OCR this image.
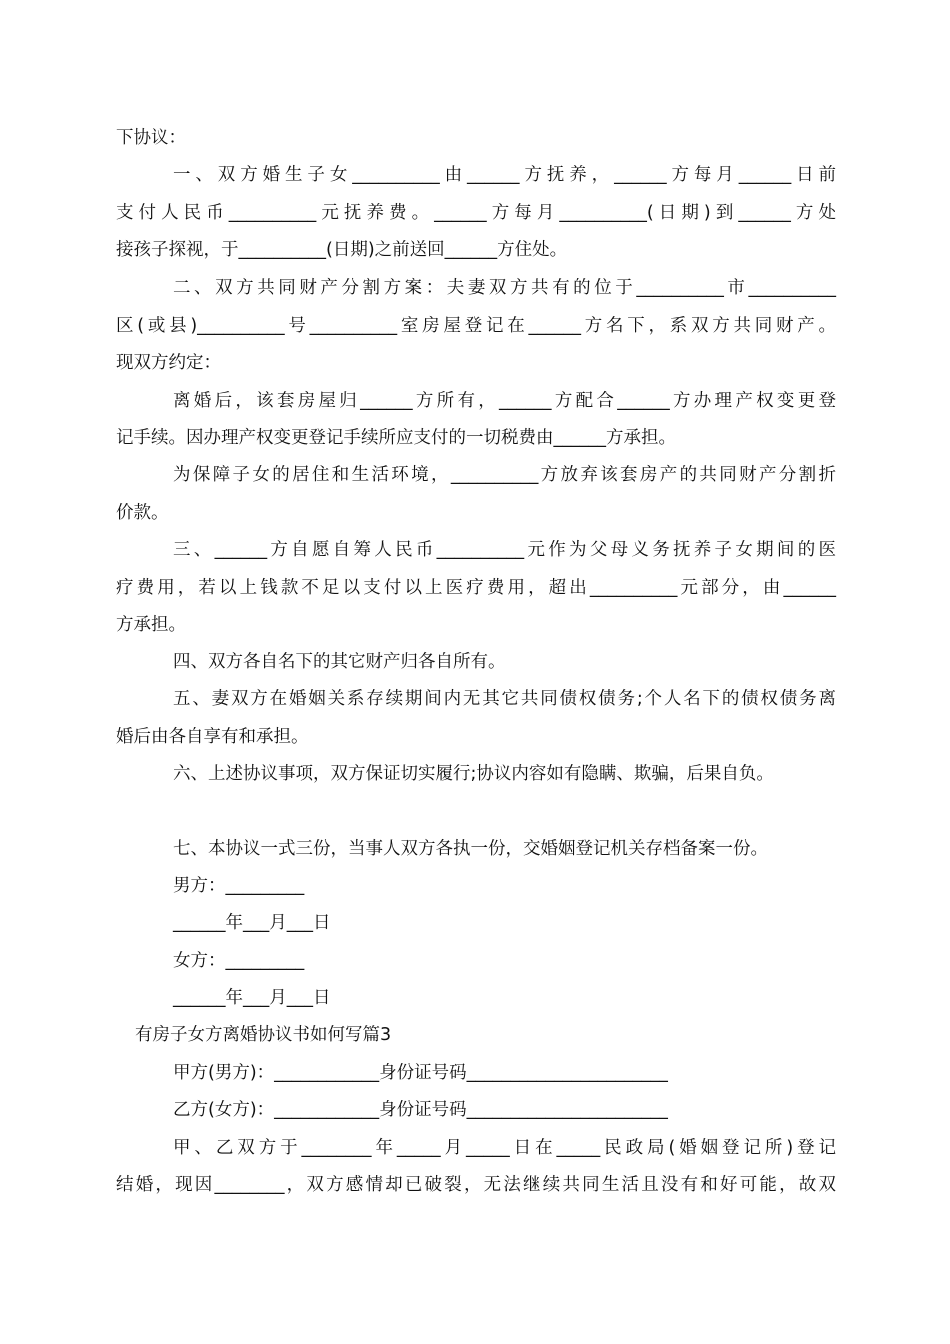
下协议：
一、双方婚生子女__________由______方抚养，______方每月______日前
支付人民币__________元抚养费。______方每月__________(日期)到______方处
接孩子探视，于__________(日期)之前送回______方住处。
二、双方共同财产分割方案：夫妻双方共有的位于__________市__________
区(或县)__________号__________室房屋登记在______方名下，系双方共同财产。
现双方约定：
离婚后，该套房屋归______方所有，______方配合______方办理产权变更登
记手续。因办理产权变更登记手续所应支付的一切税费由______方承担。
为保障子女的居住和生活环境，__________方放弃该套房产的共同财产分割折
价款。
三、______方自愿自筹人民币__________元作为父母义务抚养子女期间的医
疗费用，若以上钱款不足以支付以上医疗费用，超出__________元部分，由______
方承担。
四、双方各自名下的其它财产归各自所有。
五、妻双方在婚姻关系存续期间内无其它共同债权债务;个人名下的债权债务离
婚后由各自享有和承担。
六、上述协议事项，双方保证切实履行;协议内容如有隐瞒、欺骗，后果自负。
七、本协议一式三份，当事人双方各执一份，交婚姻登记机关存档备案一份。
男方：_________
______年___月___日
女方：_________
______年___月___日
有房子女方离婚协议书如何写篇3
甲方(男方)：____________身份证号码_______________________
乙方(女方)：____________身份证号码_______________________
甲、乙双方于________年_____月_____日在_____民政局(婚姻登记所)登记
结婚，现因________，双方感情却已破裂，无法继续共同生活且没有和好可能，故双
